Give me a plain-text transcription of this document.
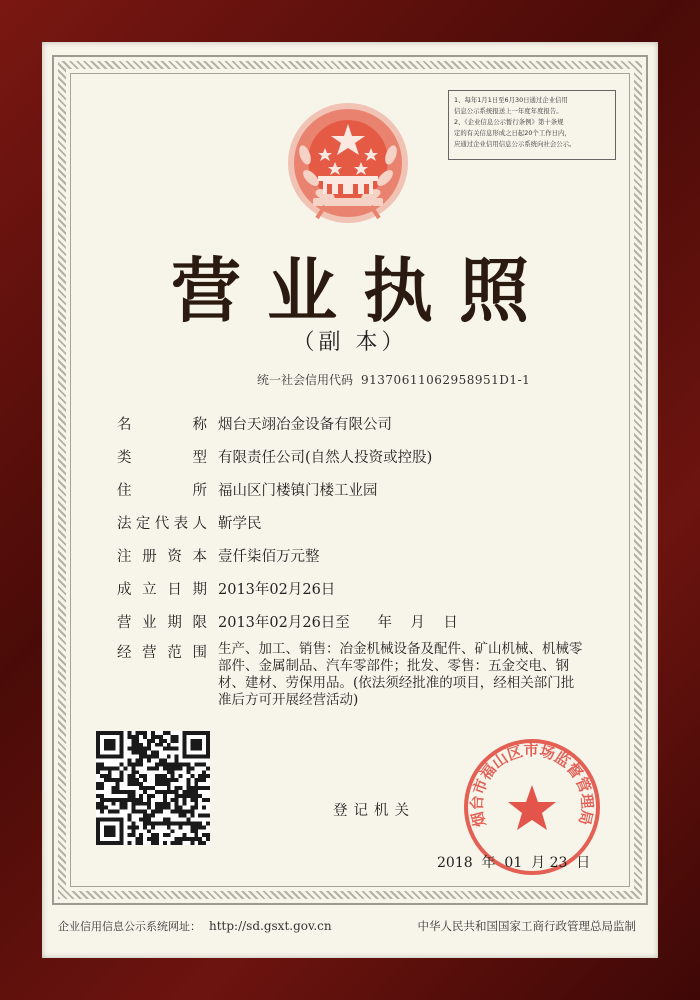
1、每年1月1日至6月30日通过企业信用
信息公示系统报送上一年度年度报告。
2、《企业信息公示暂行条例》第十条规
定的有关信息形成之日起20个工作日内，
应通过企业信用信息公示系统向社会公示。
营业执照
（副 本）
统一社会信用代码 91370611062958951D1-1
名	称 烟台天翊冶金设备有限公司
类	型 有限责任公司(自然人投资或控股)
住	所 福山区门楼镇门楼工业园
法 定 代 表 人 靳学民
注 册 资 本 壹仟柒佰万元整
成 立 日 期 2013年02月26日
营 业 期 限 2013年02月26日至      年    月    日
经 营 范 围 生产、加工、销售：冶金机械设备及配件、矿山机械、机械零部件、金属制品、汽车零部件；批发、零售：五金交电、钢材、建材、劳保用品。(依法须经批准的项目，经相关部门批准后方可开展经营活动)
登记机关	烟台市福山区市场监督管理局
2018  年  01  月 23  日
企业信用信息公示系统网址： http://sd.gsxt.gov.cn	中华人民共和国国家工商行政管理总局监制
